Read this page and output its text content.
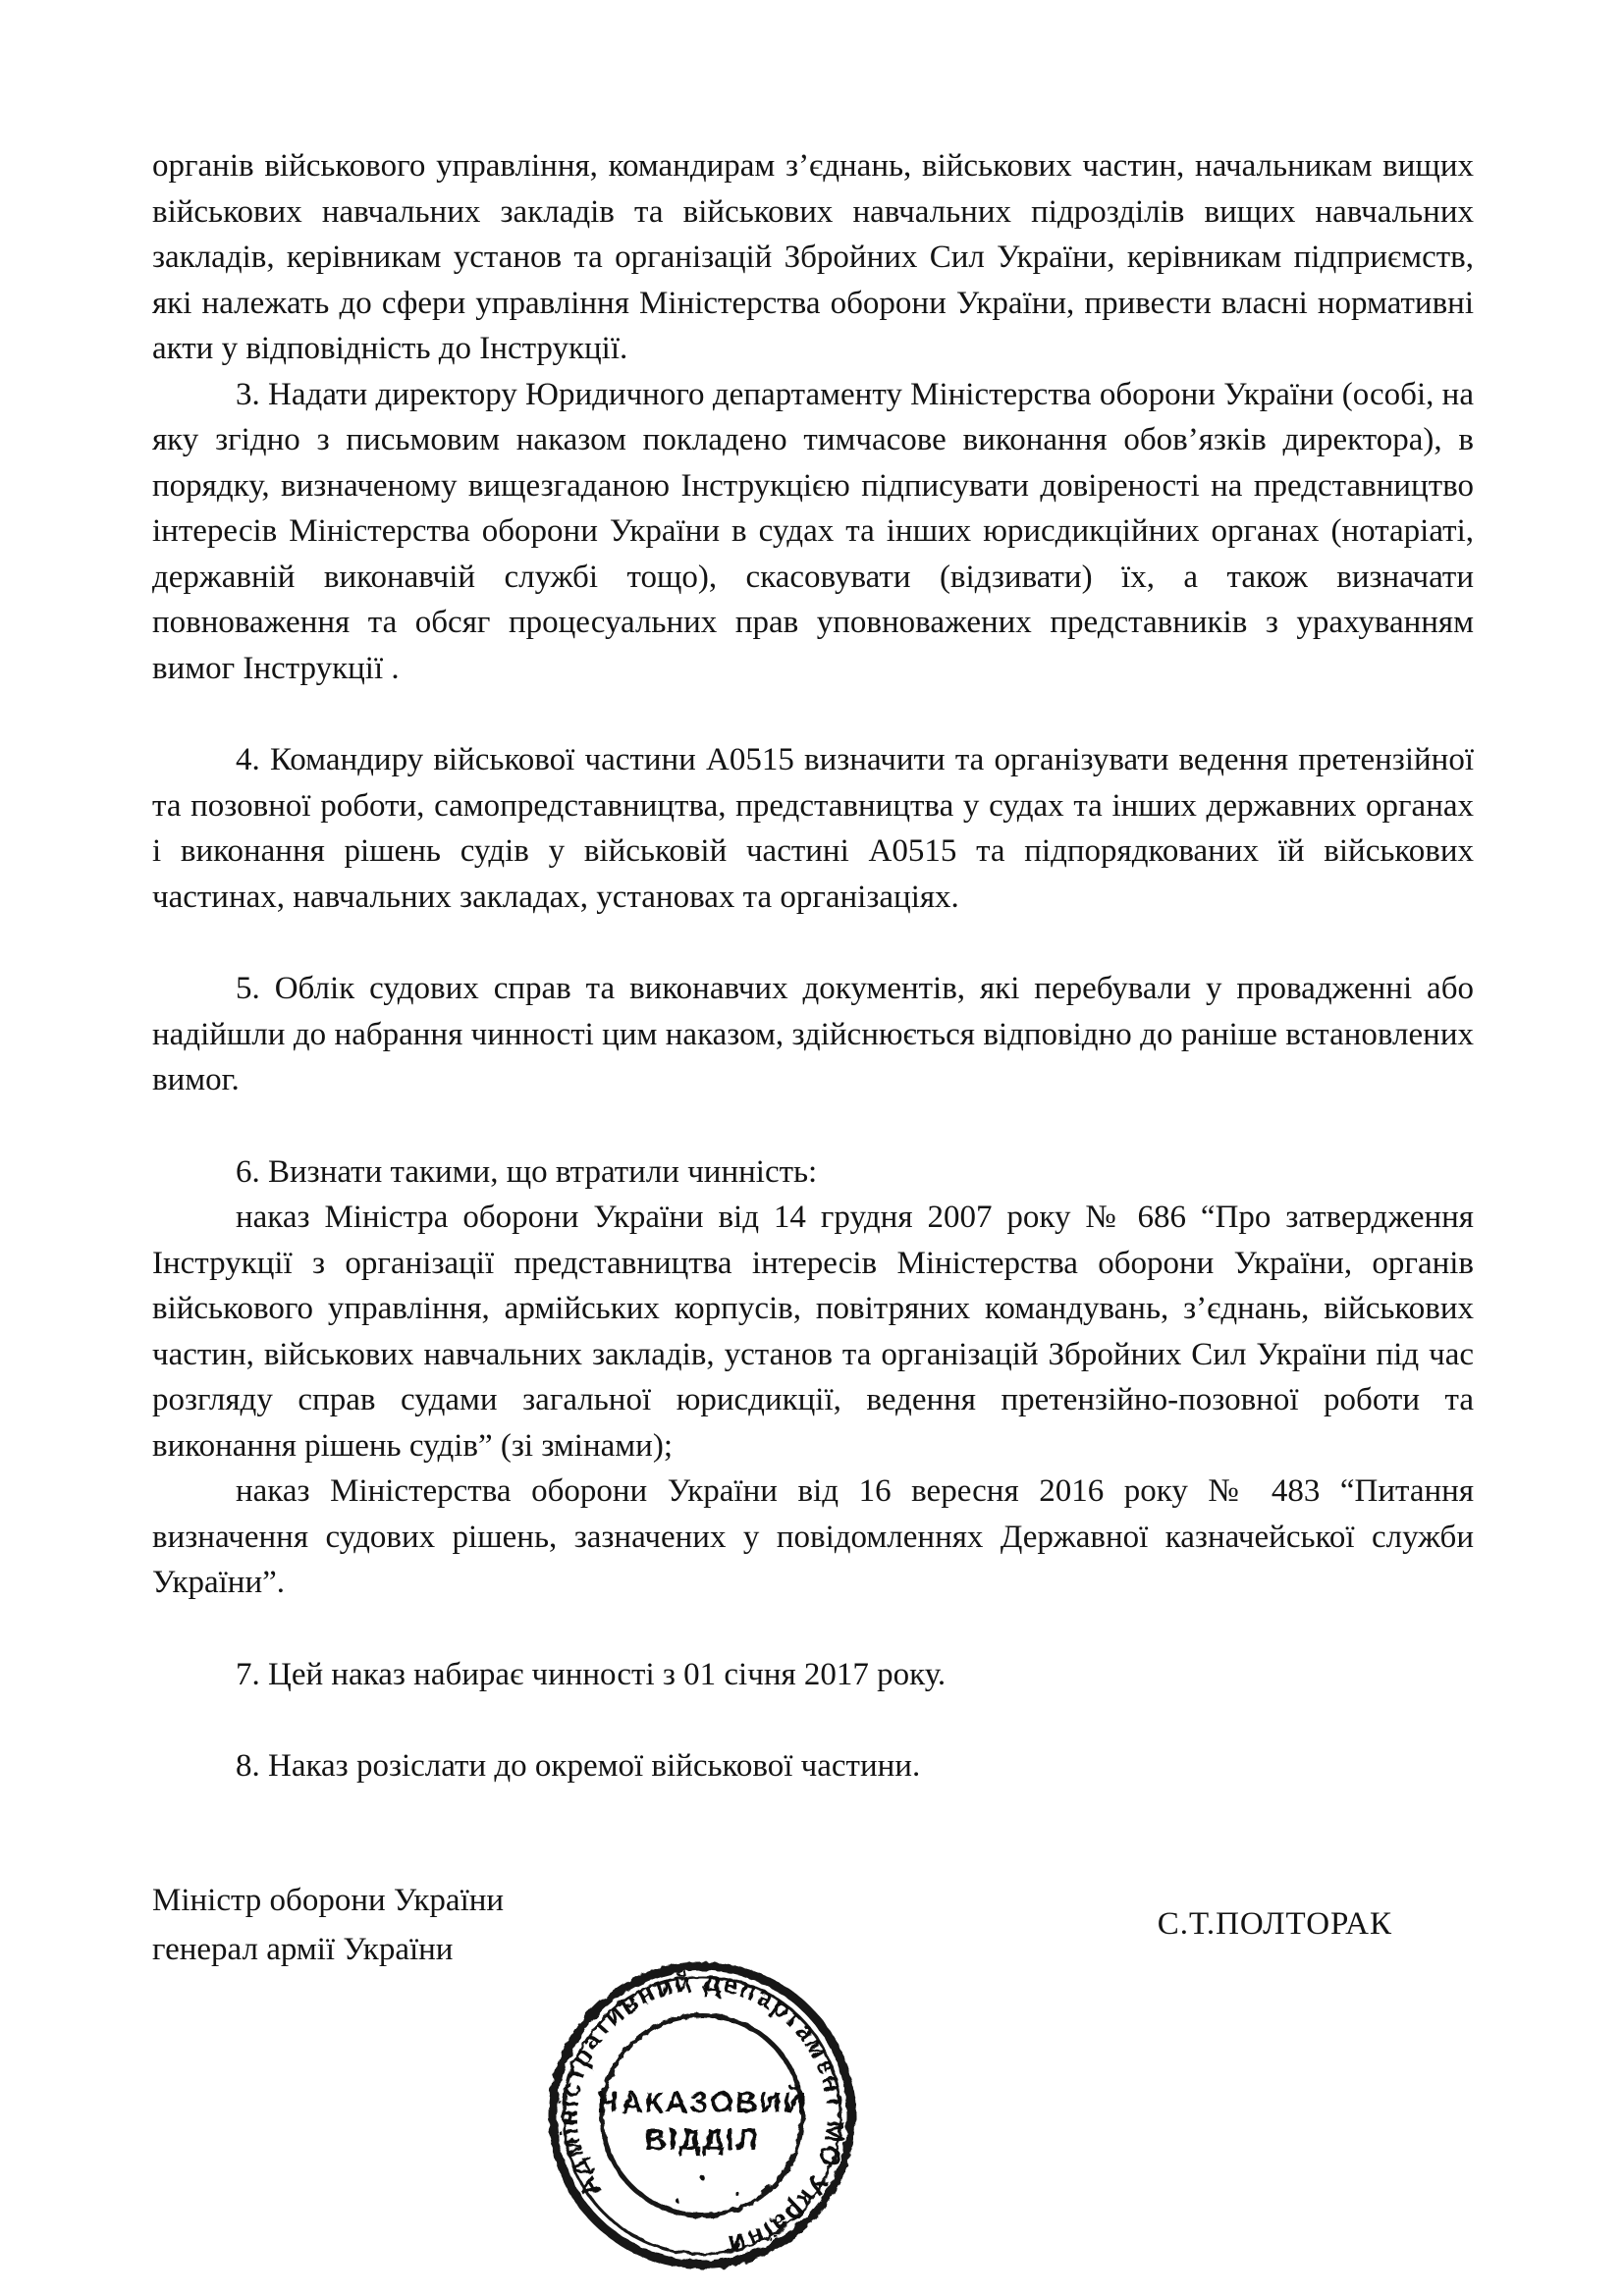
органів військового управління, командирам з’єднань, військових частин, начальникам вищих військових навчальних закладів та військових навчальних підрозділів вищих навчальних закладів, керівникам установ та організацій Збройних Сил України, керівникам підприємств, які належать до сфери управління Міністерства оборони України, привести власні нормативні акти у відповідність до Інструкції.

3. Надати директору Юридичного департаменту Міністерства оборони України (особі, на яку згідно з письмовим наказом покладено тимчасове виконання обов’язків директора), в порядку, визначеному вищезгаданою Інструкцією підписувати довіреності на представництво інтересів Міністерства оборони України в судах та інших юрисдикційних органах (нотаріаті, державній виконавчій службі тощо), скасовувати (відзивати) їх, а також визначати повноваження та обсяг процесуальних прав уповноважених представників з урахуванням вимог Інструкції .

4. Командиру військової частини А0515 визначити та організувати ведення претензійної та позовної роботи, самопредставництва, представництва у судах та інших державних органах і виконання рішень судів у військовій частині А0515 та підпорядкованих їй військових частинах, навчальних закладах, установах та організаціях.

5. Облік судових справ та виконавчих документів, які перебували у провадженні або надійшли до набрання чинності цим наказом, здійснюється відповідно до раніше встановлених вимог.

6. Визнати такими, що втратили чинність:

наказ Міністра оборони України від 14 грудня 2007 року № 686 “Про затвердження Інструкції з організації представництва інтересів Міністерства оборони України, органів військового управління, армійських корпусів, повітряних командувань, з’єднань, військових частин, військових навчальних закладів, установ та організацій Збройних Сил України під час розгляду справ судами загальної юрисдикції, ведення претензійно-позовної роботи та виконання рішень судів” (зі змінами);

наказ Міністерства оборони України від 16 вересня 2016 року № 483 “Питання визначення судових рішень, зазначених у повідомленнях Державної казначейської служби України”.

7. Цей наказ набирає чинності з 01 січня 2017 року.

8. Наказ розіслати до окремої військової частини.

Міністр оборони України
генерал армії України
С.Т.ПОЛТОРАК
Адміністративний департамент МО України
НАКАЗОВИЙ
ВІДДІЛ
